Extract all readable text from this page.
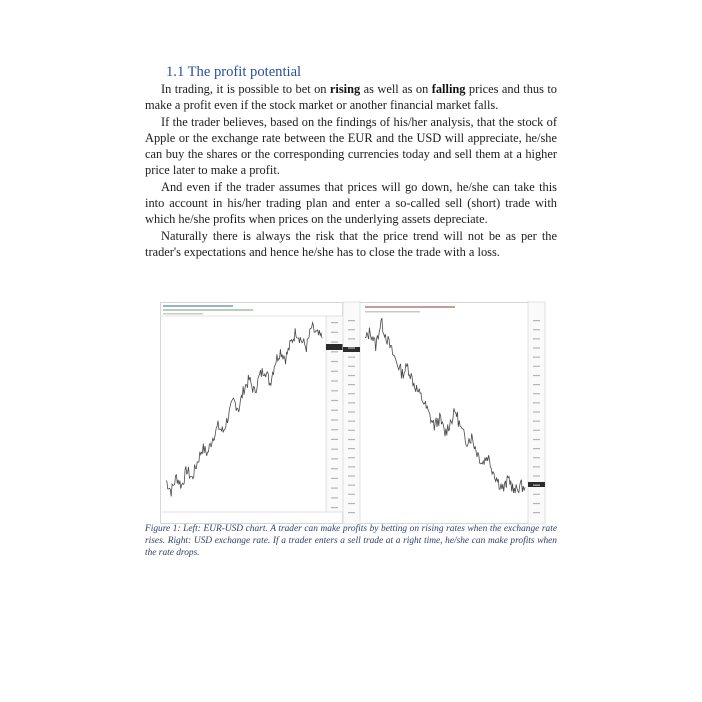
1.1 The profit potential

In trading, it is possible to bet on rising as well as on falling prices and thus to make a profit even if the stock market or another financial market falls.

If the trader believes, based on the findings of his/her analysis, that the stock of Apple or the exchange rate between the EUR and the USD will appreciate, he/she can buy the shares or the corresponding currencies today and sell them at a higher price later to make a profit.

And even if the trader assumes that prices will go down, he/she can take this into account in his/her trading plan and enter a so-called sell (short) trade with which he/she profits when prices on the underlying assets depreciate.

Naturally there is always the risk that the price trend will not be as per the trader's expectations and hence he/she has to close the trade with a loss.

Figure 1: Left: EUR-USD chart. A trader can make profits by betting on rising rates when the exchange rate rises. Right: USD exchange rate. If a trader enters a sell trade at a right time, he/she can make profits when the rate drops.
